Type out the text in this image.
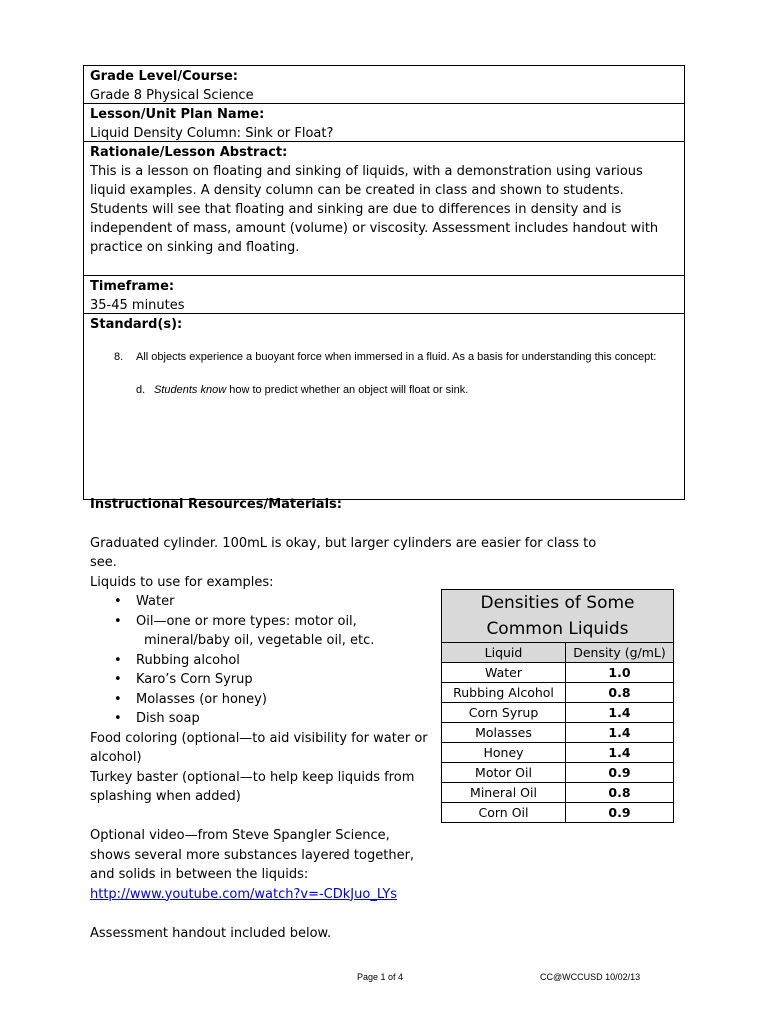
Grade Level/Course:
Grade 8 Physical Science
Lesson/Unit Plan Name:
Liquid Density Column: Sink or Float?
Rationale/Lesson Abstract:
This is a lesson on floating and sinking of liquids, with a demonstration using various liquid examples. A density column can be created in class and shown to students. Students will see that floating and sinking are due to differences in density and is independent of mass, amount (volume) or viscosity. Assessment includes handout with practice on sinking and floating.
Timeframe:
35-45 minutes
Standard(s):
8. All objects experience a buoyant force when immersed in a fluid. As a basis for understanding this concept:
d. Students know how to predict whether an object will float or sink.

Instructional Resources/Materials:

Graduated cylinder. 100mL is okay, but larger cylinders are easier for class to see.

Liquids to use for examples:

• Water
• Oil—one or more types: motor oil,
mineral/baby oil, vegetable oil, etc.
• Rubbing alcohol
• Karo’s Corn Syrup
• Molasses (or honey)
• Dish soap

Food coloring (optional—to aid visibility for water or alcohol)

Turkey baster (optional—to help keep liquids from splashing when added)

Optional video—from Steve Spangler Science, shows several more substances layered together, and solids in between the liquids:

http://www.youtube.com/watch?v=-CDkJuo_LYs

Assessment handout included below.

Densities of Some Common Liquids	
Liquid	Density (g/mL)
Water	1.0
Rubbing Alcohol	0.8
Corn Syrup	1.4
Molasses	1.4
Honey	1.4
Motor Oil	0.9
Mineral Oil	0.8
Corn Oil	0.9
Page 1 of 4	CC@WCCUSD 10/02/13
